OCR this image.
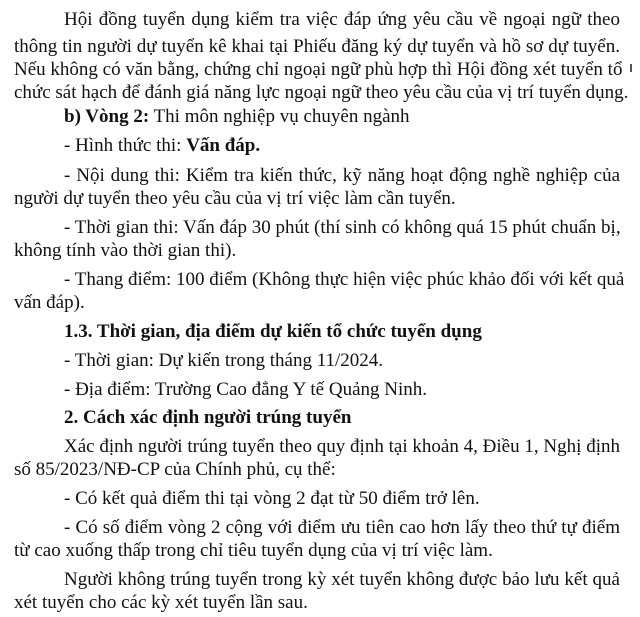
Hội đồng tuyển dụng kiểm tra việc đáp ứng yêu cầu về ngoại ngữ theo
thông tin người dự tuyển kê khai tại Phiếu đăng ký dự tuyển và hồ sơ dự tuyển.
Nếu không có văn bằng, chứng chỉ ngoại ngữ phù hợp thì Hội đồng xét tuyển tổ
chức sát hạch để đánh giá năng lực ngoại ngữ theo yêu cầu của vị trí tuyển dụng.
b) Vòng 2: Thi môn nghiệp vụ chuyên ngành
- Hình thức thi: Vấn đáp.
- Nội dung thi: Kiểm tra kiến thức, kỹ năng hoạt động nghề nghiệp của
người dự tuyển theo yêu cầu của vị trí việc làm cần tuyển.
- Thời gian thi: Vấn đáp 30 phút (thí sinh có không quá 15 phút chuẩn bị,
không tính vào thời gian thi).
- Thang điểm: 100 điểm (Không thực hiện việc phúc khảo đối với kết quả
vấn đáp).
1.3. Thời gian, địa điểm dự kiến tổ chức tuyển dụng
- Thời gian: Dự kiến trong tháng 11/2024.
- Địa điểm: Trường Cao đẳng Y tế Quảng Ninh.
2. Cách xác định người trúng tuyển
Xác định người trúng tuyển theo quy định tại khoản 4, Điều 1, Nghị định
số 85/2023/NĐ-CP của Chính phủ, cụ thể:
- Có kết quả điểm thi tại vòng 2 đạt từ 50 điểm trở lên.
- Có số điểm vòng 2 cộng với điểm ưu tiên cao hơn lấy theo thứ tự điểm
từ cao xuống thấp trong chỉ tiêu tuyển dụng của vị trí việc làm.
Người không trúng tuyển trong kỳ xét tuyển không được bảo lưu kết quả
xét tuyển cho các kỳ xét tuyển lần sau.
